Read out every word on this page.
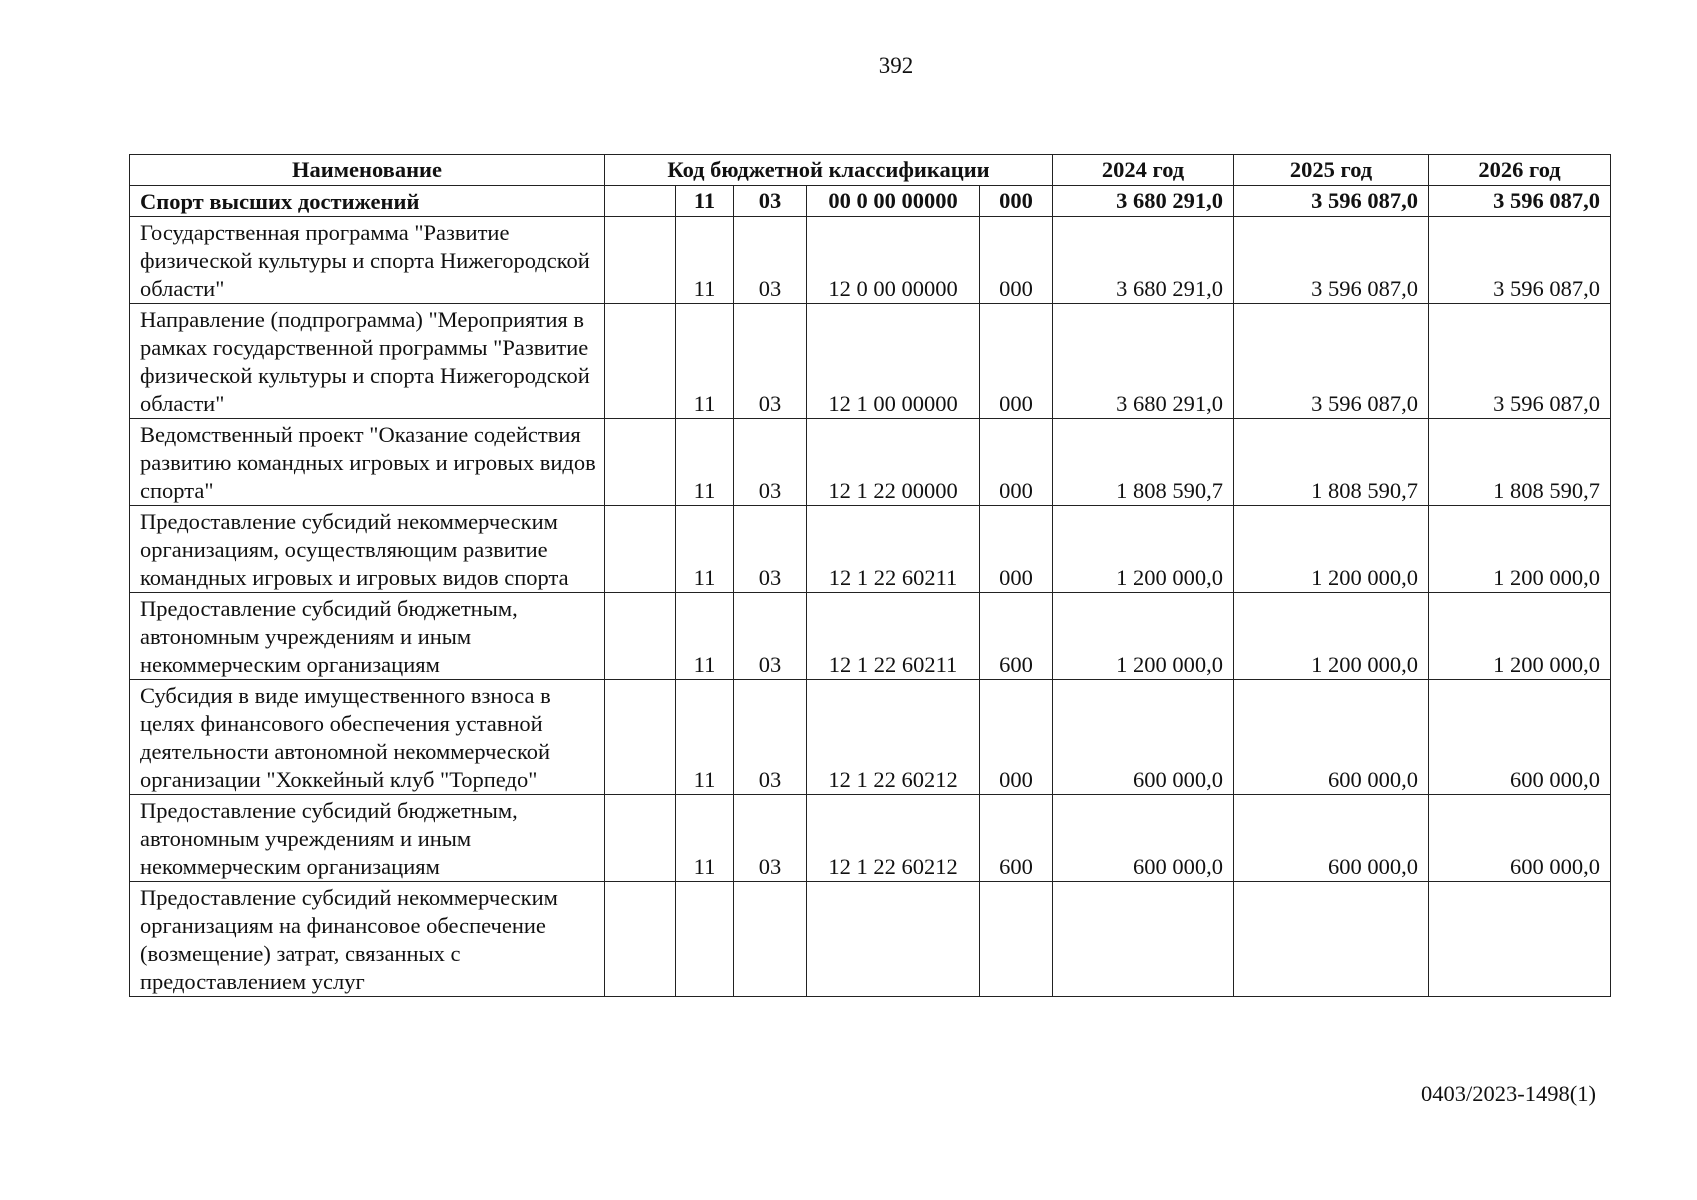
392
Наименование	Код бюджетной классификации					2024 год	2025 год	2026 год
Спорт высших достижений		11	03	00 0 00 00000	000	3 680 291,0	3 596 087,0	3 596 087,0
Государственная программа "Развитие физической культуры и спорта Нижегородской области"		11	03	12 0 00 00000	000	3 680 291,0	3 596 087,0	3 596 087,0
Направление (подпрограмма) "Мероприятия в рамках государственной программы "Развитие физической культуры и спорта Нижегородской области"		11	03	12 1 00 00000	000	3 680 291,0	3 596 087,0	3 596 087,0
Ведомственный проект "Оказание содействия развитию командных игровых и игровых видов спорта"		11	03	12 1 22 00000	000	1 808 590,7	1 808 590,7	1 808 590,7
Предоставление субсидий некоммерческим организациям, осуществляющим развитие командных игровых и игровых видов спорта		11	03	12 1 22 60211	000	1 200 000,0	1 200 000,0	1 200 000,0
Предоставление субсидий бюджетным, автономным учреждениям и иным некоммерческим организациям		11	03	12 1 22 60211	600	1 200 000,0	1 200 000,0	1 200 000,0
Субсидия в виде имущественного взноса в целях финансового обеспечения уставной деятельности автономной некоммерческой организации "Хоккейный клуб "Торпедо"		11	03	12 1 22 60212	000	600 000,0	600 000,0	600 000,0
Предоставление субсидий бюджетным, автономным учреждениям и иным некоммерческим организациям		11	03	12 1 22 60212	600	600 000,0	600 000,0	600 000,0
Предоставление субсидий некоммерческим организациям на финансовое обеспечение (возмещение) затрат, связанных с предоставлением услуг								
0403/2023-1498(1)
